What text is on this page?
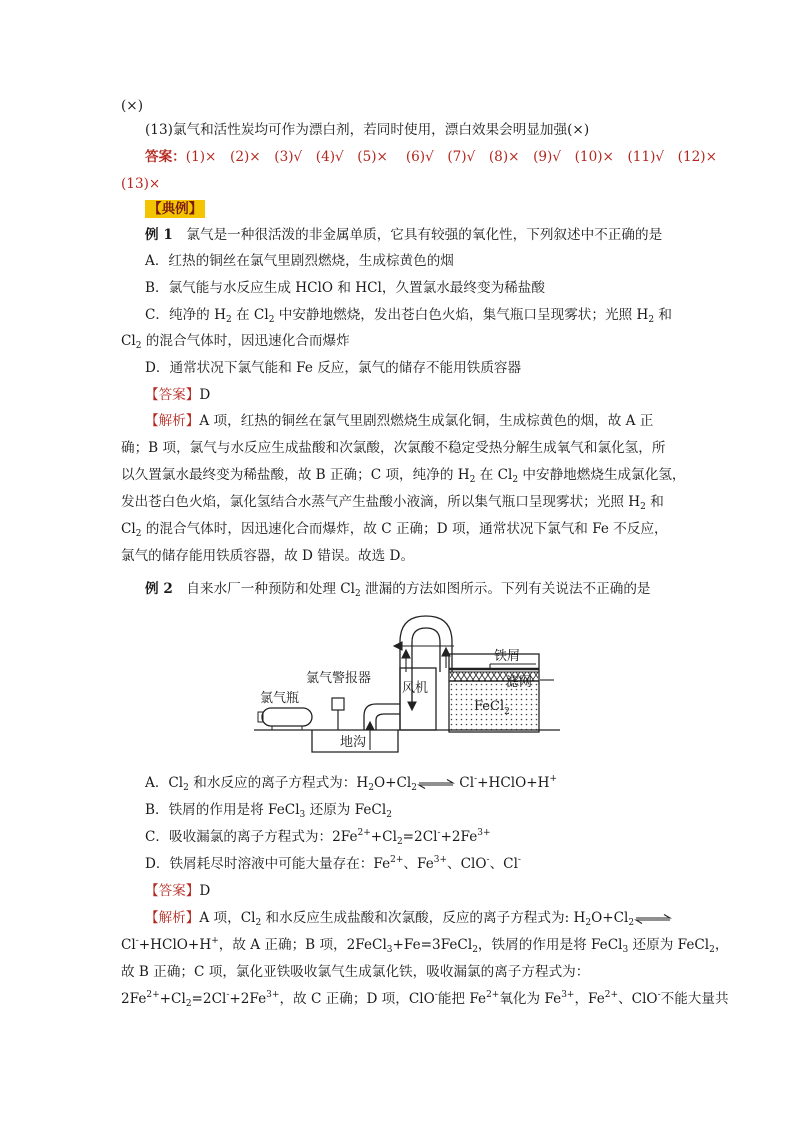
(×)
(13)氯气和活性炭均可作为漂白剂，若同时使用，漂白效果会明显加强(×)
答案：(1)×　(2)×　(3)√　(4)√　(5)×　 (6)√　(7)√　(8)×　(9)√　(10)×　(11)√　(12)×
(13)×
【典例】
例 1　氯气是一种很活泼的非金属单质，它具有较强的氧化性，下列叙述中不正确的是
A．红热的铜丝在氯气里剧烈燃烧，生成棕黄色的烟
B．氯气能与水反应生成 HClO 和 HCl，久置氯水最终变为稀盐酸
C．纯净的 $H_2$ 在 $Cl_2$ 中安静地燃烧，发出苍白色火焰，集气瓶口呈现雾状；光照 $H_2$ 和
$Cl_2$ 的混合气体时，因迅速化合而爆炸
D．通常状况下氯气能和 Fe 反应，氯气的储存不能用铁质容器
【答案】D
【解析】A 项，红热的铜丝在氯气里剧烈燃烧生成氯化铜，生成棕黄色的烟，故 A 正
确；B 项，氯气与水反应生成盐酸和次氯酸，次氯酸不稳定受热分解生成氧气和氯化氢，所
以久置氯水最终变为稀盐酸，故 B 正确；C 项，纯净的 $H_2$ 在 $Cl_2$ 中安静地燃烧生成氯化氢，
发出苍白色火焰，氯化氢结合水蒸气产生盐酸小液滴，所以集气瓶口呈现雾状；光照 $H_2$ 和
$Cl_2$ 的混合气体时，因迅速化合而爆炸，故 C 正确；D 项，通常状况下氯气和 Fe 不反应，
氯气的储存能用铁质容器，故 D 错误。故选 D。
例 2　自来水厂一种预防和处理 $Cl_2$ 泄漏的方法如图所示。下列有关说法不正确的是
氯气瓶
氯气警报器
风机
铁屑
滤网
FeCl$_2$
地沟
A．$Cl_2$ 和水反应的离子方程式为：$H_2O+Cl_2\rightleftharpoons$ Cl-+HClO+H+
B．铁屑的作用是将 FeCl$_3$ 还原为 FeCl$_2$
C．吸收漏氯的离子方程式为：$2Fe^{2+}+Cl_2=2Cl^-+2Fe^{3+}$
D．铁屑耗尽时溶液中可能大量存在：$Fe^{2+}$、$Fe^{3+}$、ClO-、Cl-
【答案】D
【解析】A 项，$Cl_2$ 和水反应生成盐酸和次氯酸，反应的离子方程式为: $H_2O+Cl_2\rightleftharpoons$
Cl-+HClO+H+，故 A 正确；B 项，2FeCl$_3$+Fe=3FeCl$_2$，铁屑的作用是将 FeCl$_3$ 还原为 FeCl$_2$，
故 B 正确；C 项，氯化亚铁吸收氯气生成氯化铁，吸收漏氯的离子方程式为：
$2Fe^{2+}+Cl_2=2Cl^-+2Fe^{3+}$，故 C 正确；D 项，ClO-能把 $Fe^{2+}$氧化为 $Fe^{3+}$，$Fe^{2+}$、ClO-不能大量共
